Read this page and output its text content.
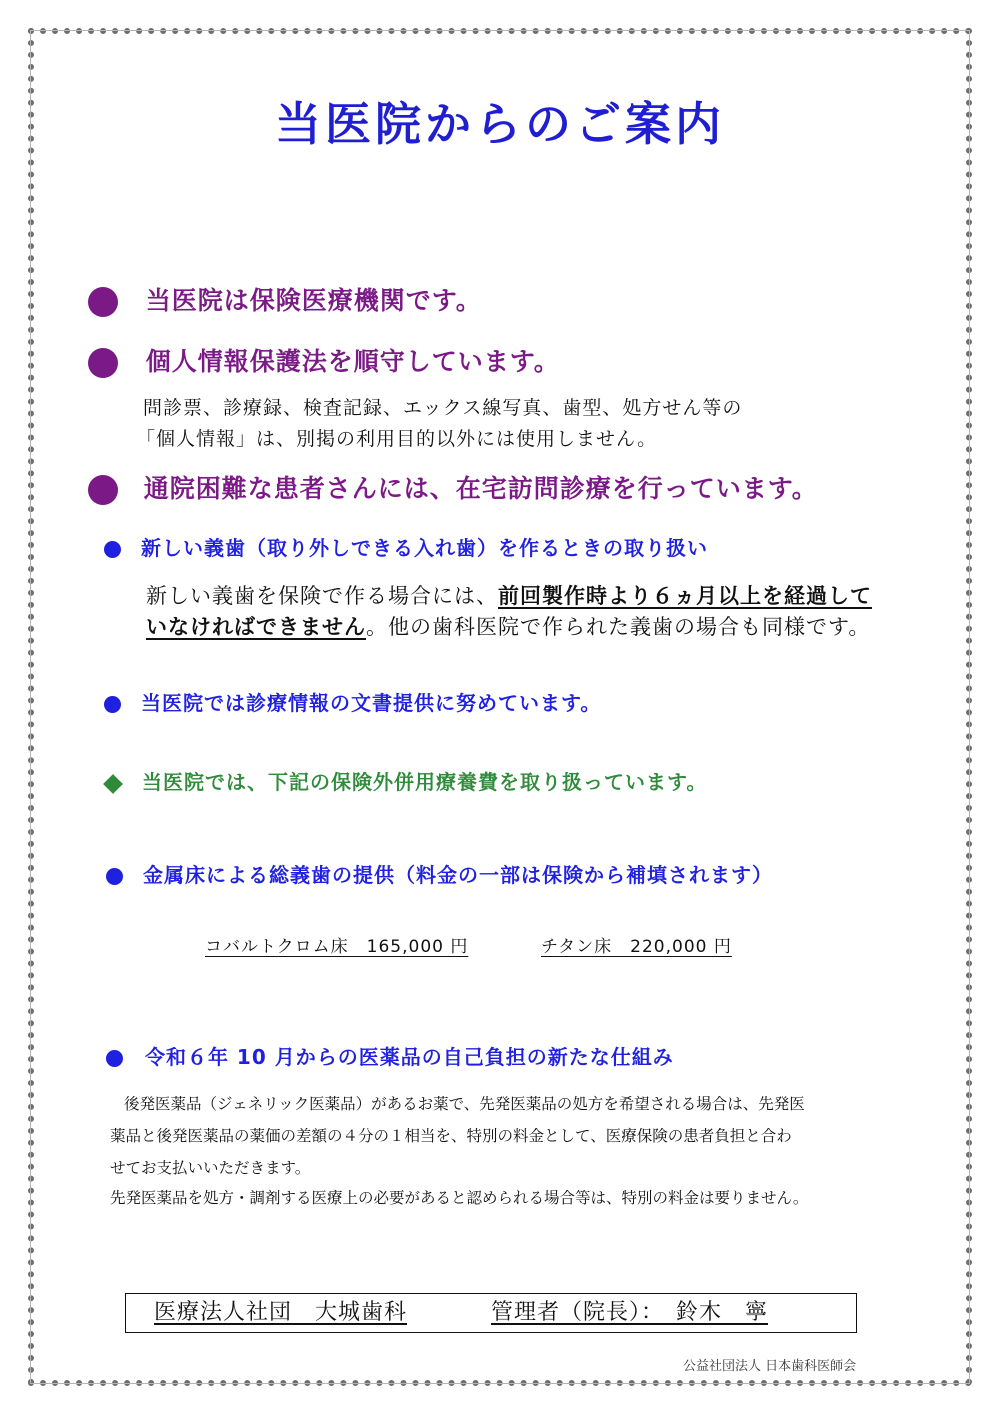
当医院からのご案内
当医院は保険医療機関です。
個人情報保護法を順守しています。
問診票、診療録、検査記録、エックス線写真、歯型、処方せん等の
「個人情報」は、別掲の利用目的以外には使用しません。
通院困難な患者さんには、在宅訪問診療を行っています。
新しい義歯（取り外しできる入れ歯）を作るときの取り扱い
新しい義歯を保険で作る場合には、前回製作時より６ヵ月以上を経過して
いなければできません。他の歯科医院で作られた義歯の場合も同様です。
当医院では診療情報の文書提供に努めています。
当医院では、下記の保険外併用療養費を取り扱っています。
金属床による総義歯の提供（料金の一部は保険から補填されます）
コバルトクロム床　165,000 円	チタン床　220,000 円
令和６年 10 月からの医薬品の自己負担の新たな仕組み
後発医薬品（ジェネリック医薬品）があるお薬で、先発医薬品の処方を希望される場合は、先発医
薬品と後発医薬品の薬価の差額の４分の１相当を、特別の料金として、医療保険の患者負担と合わ
せてお支払いいただきます。
先発医薬品を処方・調剤する医療上の必要があると認められる場合等は、特別の料金は要りません。
医療法人社団　大城歯科	管理者（院長）：　鈴木　寧
公益社団法人 日本歯科医師会
